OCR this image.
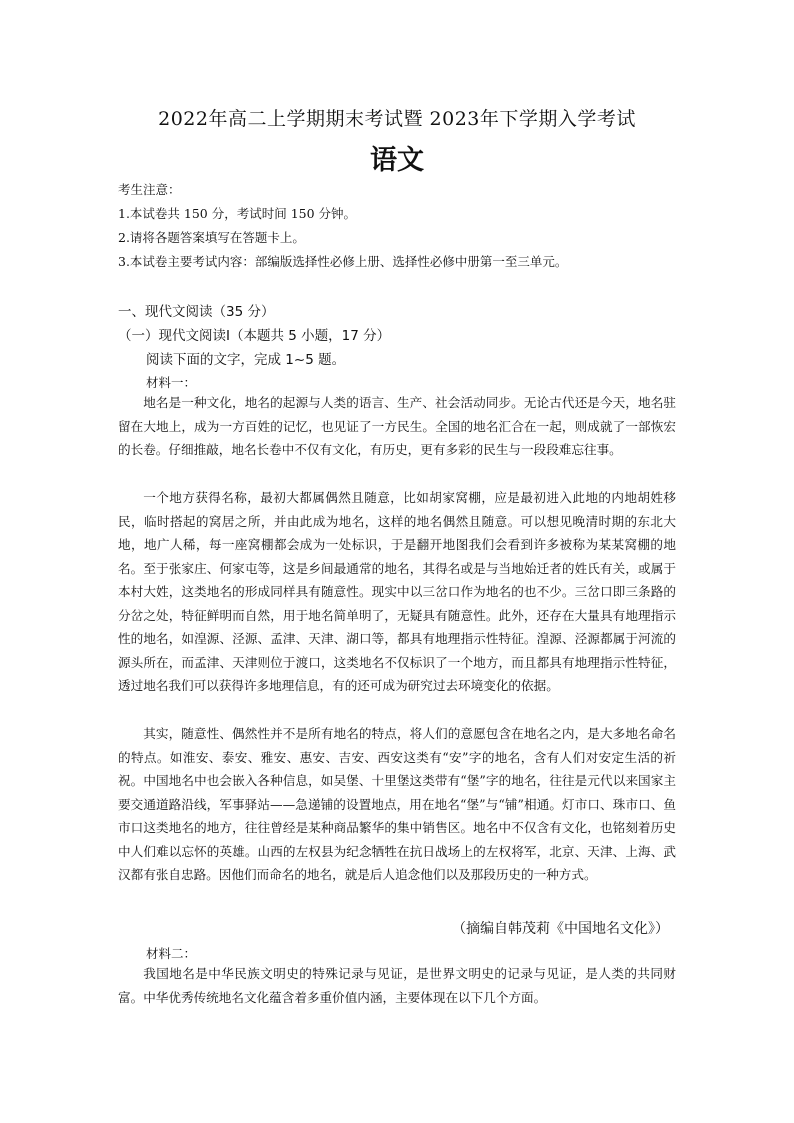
2022年高二上学期期末考试暨 2023年下学期入学考试
语文
考生注意：
1.本试卷共 150 分，考试时间 150 分钟。
2.请将各题答案填写在答题卡上。
3.本试卷主要考试内容：部编版选择性必修上册、选择性必修中册第一至三单元。
一、现代文阅读（35 分）
（一）现代文阅读Ⅰ（本题共 5 小题，17 分）
阅读下面的文字，完成 1~5 题。
材料一：

地名是一种文化，地名的起源与人类的语言、生产、社会活动同步。无论古代还是今天，地名驻留在大地上，成为一方百姓的记忆，也见证了一方民生。全国的地名汇合在一起，则成就了一部恢宏的长卷。仔细推敲，地名长卷中不仅有文化，有历史，更有多彩的民生与一段段难忘往事。

一个地方获得名称，最初大都属偶然且随意，比如胡家窝棚，应是最初进入此地的内地胡姓移民，临时搭起的窝居之所，并由此成为地名，这样的地名偶然且随意。可以想见晚清时期的东北大地，地广人稀，每一座窝棚都会成为一处标识，于是翻开地图我们会看到许多被称为某某窝棚的地名。至于张家庄、何家屯等，这是乡间最通常的地名，其得名或是与当地始迁者的姓氏有关，或属于本村大姓，这类地名的形成同样具有随意性。现实中以三岔口作为地名的也不少。三岔口即三条路的分岔之处，特征鲜明而自然，用于地名简单明了，无疑具有随意性。此外，还存在大量具有地理指示性的地名，如湟源、泾源、孟津、天津、湖口等，都具有地理指示性特征。湟源、泾源都属于河流的源头所在，而孟津、天津则位于渡口，这类地名不仅标识了一个地方，而且都具有地理指示性特征，透过地名我们可以获得许多地理信息，有的还可成为研究过去环境变化的依据。

其实，随意性、偶然性并不是所有地名的特点，将人们的意愿包含在地名之内，是大多地名命名的特点。如淮安、泰安、雅安、惠安、吉安、西安这类有“安”字的地名，含有人们对安定生活的祈祝。中国地名中也会嵌入各种信息，如吴堡、十里堡这类带有“堡”字的地名，往往是元代以来国家主要交通道路沿线，军事驿站——急递铺的设置地点，用在地名“堡”与“铺”相通。灯市口、珠市口、鱼市口这类地名的地方，往往曾经是某种商品繁华的集中销售区。地名中不仅含有文化，也铭刻着历史中人们难以忘怀的英雄。山西的左权县为纪念牺牲在抗日战场上的左权将军，北京、天津、上海、武汉都有张自忠路。因他们而命名的地名，就是后人追念他们以及那段历史的一种方式。

（摘编自韩茂莉《中国地名文化》）
材料二：

我国地名是中华民族文明史的特殊记录与见证，是世界文明史的记录与见证，是人类的共同财富。中华优秀传统地名文化蕴含着多重价值内涵，主要体现在以下几个方面。
